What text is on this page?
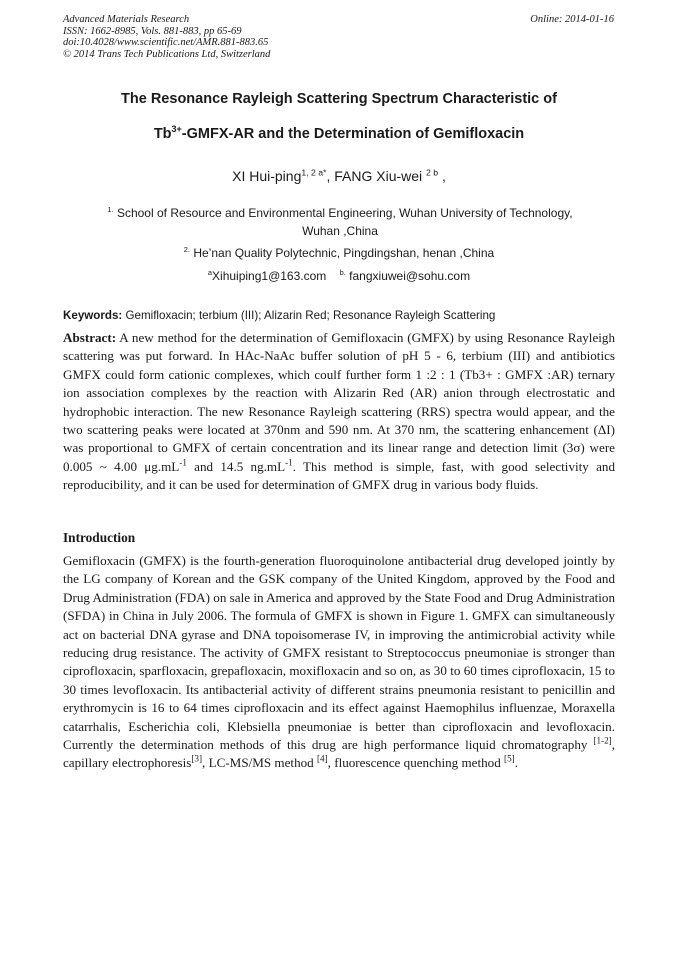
Advanced Materials Research
ISSN: 1662-8985, Vols. 881-883, pp 65-69
doi:10.4028/www.scientific.net/AMR.881-883.65
© 2014 Trans Tech Publications Ltd, Switzerland
Online: 2014-01-16
The Resonance Rayleigh Scattering Spectrum Characteristic of
$Tb^{3+}-GMFX-AR$ and the Determination of Gemifloxacin
XI Hui-ping$^{1, 2 a*}$, FANG Xiu-wei $^{2 b}$ ,
$^{1.}$ School of Resource and Environmental Engineering, Wuhan University of Technology, Wuhan ,China
$^{2.}$ He’nan Quality Polytechnic, Pingdingshan, henan ,China
$^a$Xihuiping1@163.com $^{b.}$ fangxiuwei@sohu.com
Keywords: Gemifloxacin; terbium (III); Alizarin Red; Resonance Rayleigh Scattering

Abstract: A new method for the determination of Gemifloxacin (GMFX) by using Resonance Rayleigh scattering was put forward. In HAc-NaAc buffer solution of pH 5 - 6, terbium (III) and antibiotics GMFX could form cationic complexes, which coulf further form 1 :2 : 1 (Tb3+ : GMFX :AR) ternary ion association complexes by the reaction with Alizarin Red (AR) anion through electrostatic and hydrophobic interaction. The new Resonance Rayleigh scattering (RRS) spectra would appear, and the two scattering peaks were located at 370nm and 590 nm. At 370 nm, the scattering enhancement (ΔI) was proportional to GMFX of certain concentration and its linear range and detection limit (3σ) were 0.005 ~ 4.00 μg.mL$^{-1}$ and 14.5 ng.mL$^{-1}$. This method is simple, fast, with good selectivity and reproducibility, and it can be used for determination of GMFX drug in various body fluids.

Introduction

Gemifloxacin (GMFX) is the fourth-generation fluoroquinolone antibacterial drug developed jointly by the LG company of Korean and the GSK company of the United Kingdom, approved by the Food and Drug Administration (FDA) on sale in America and approved by the State Food and Drug Administration (SFDA) in China in July 2006. The formula of GMFX is shown in Figure 1. GMFX can simultaneously act on bacterial DNA gyrase and DNA topoisomerase IV, in improving the antimicrobial activity while reducing drug resistance. The activity of GMFX resistant to Streptococcus pneumoniae is stronger than ciprofloxacin, sparfloxacin, grepafloxacin, moxifloxacin and so on, as 30 to 60 times ciprofloxacin, 15 to 30 times levofloxacin. Its antibacterial activity of different strains pneumonia resistant to penicillin and erythromycin is 16 to 64 times ciprofloxacin and its effect against Haemophilus influenzae, Moraxella catarrhalis, Escherichia coli, Klebsiella pneumoniae is better than ciprofloxacin and levofloxacin. Currently the determination methods of this drug are high performance liquid chromatography [1-2], capillary electrophoresis[3], LC-MS/MS method [4], fluorescence quenching method [5].
